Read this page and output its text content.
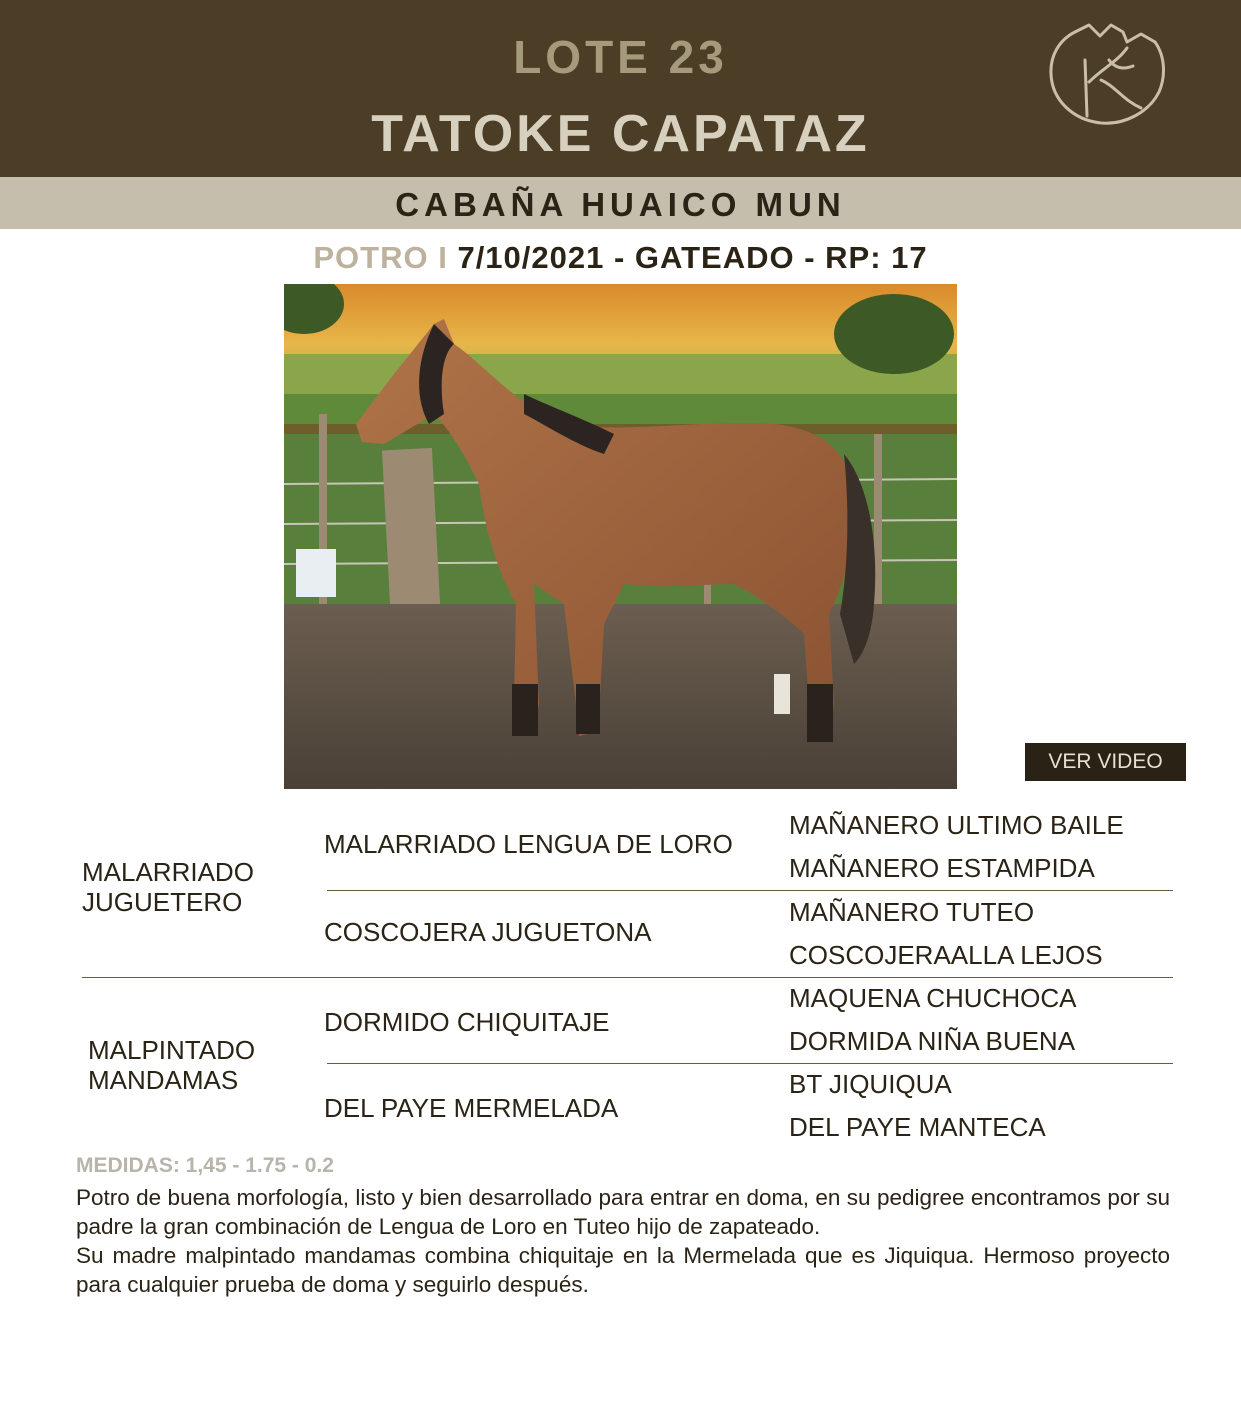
LOTE 23
TATOKE CAPATAZ
CABAÑA HUAICO MUN
POTRO I 7/10/2021 - GATEADO - RP: 17
VER VIDEO
MALARRIADO
JUGUETERO
MALPINTADO
MANDAMAS
MALARRIADO LENGUA DE LORO
COSCOJERA JUGUETONA
DORMIDO CHIQUITAJE
DEL PAYE MERMELADA
MAÑANERO ULTIMO BAILE
MAÑANERO ESTAMPIDA
MAÑANERO TUTEO
COSCOJERAALLA LEJOS
MAQUENA CHUCHOCA
DORMIDA NIÑA BUENA
BT JIQUIQUA
DEL PAYE MANTECA
MEDIDAS: 1,45 - 1.75 - 0.2

Potro de buena morfología, listo y bien desarrollado para entrar en doma, en su pedigree encontramos por su padre la gran combinación de Lengua de Loro en Tuteo hijo de zapateado.

Su madre malpintado mandamas combina chiquitaje en la Mermelada que es Jiquiqua. Hermoso proyecto para cualquier prueba de doma y seguirlo después.
